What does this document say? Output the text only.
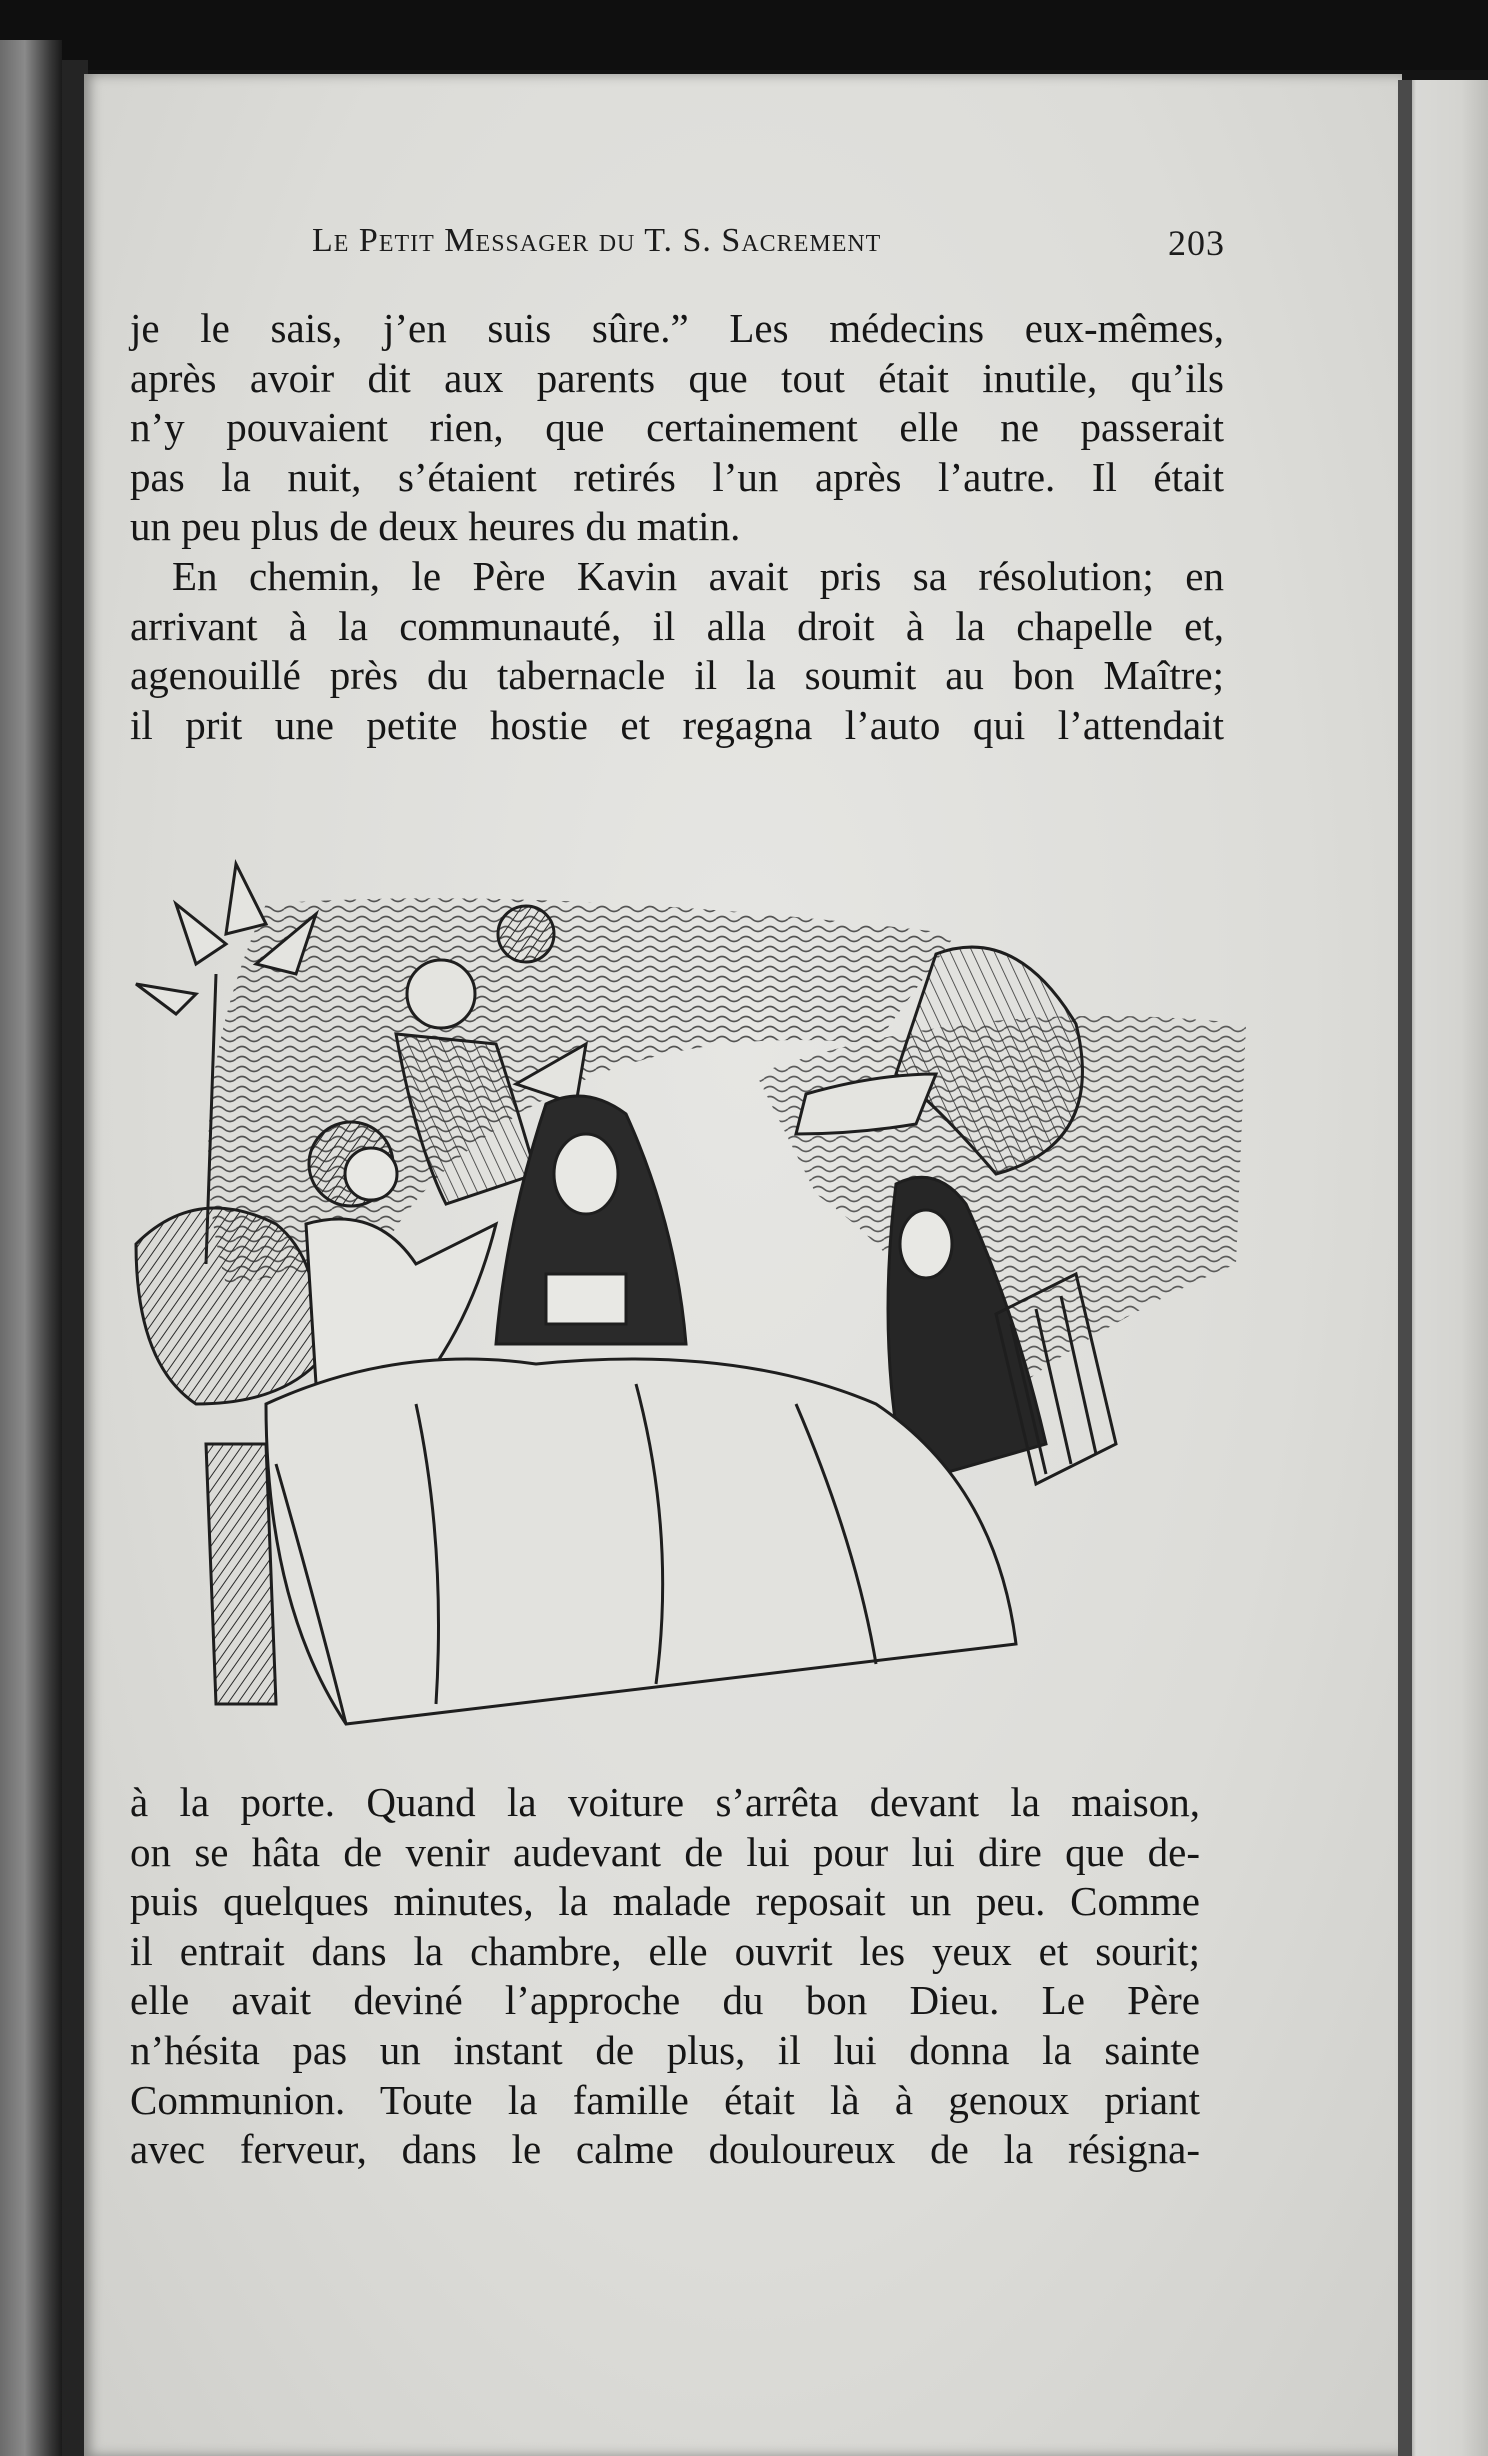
Le Petit Messager du T. S. Sacrement	203
je le sais, j’en suis sûre.” Les médecins eux-mêmes,
après avoir dit aux parents que tout était inutile, qu’ils
n’y pouvaient rien, que certainement elle ne passerait
pas la nuit, s’étaient retirés l’un après l’autre. Il était
un peu plus de deux heures du matin.
En chemin, le Père Kavin avait pris sa résolution; en
arrivant à la communauté, il alla droit à la chapelle et,
agenouillé près du tabernacle il la soumit au bon Maître;
il prit une petite hostie et regagna l’auto qui l’attendait
à la porte. Quand la voiture s’arrêta devant la maison,
on se hâta de venir audevant de lui pour lui dire que de-
puis quelques minutes, la malade reposait un peu. Comme
il entrait dans la chambre, elle ouvrit les yeux et sourit;
elle avait deviné l’approche du bon Dieu. Le Père
n’hésita pas un instant de plus, il lui donna la sainte
Communion. Toute la famille était là à genoux priant
avec ferveur, dans le calme douloureux de la résigna-
